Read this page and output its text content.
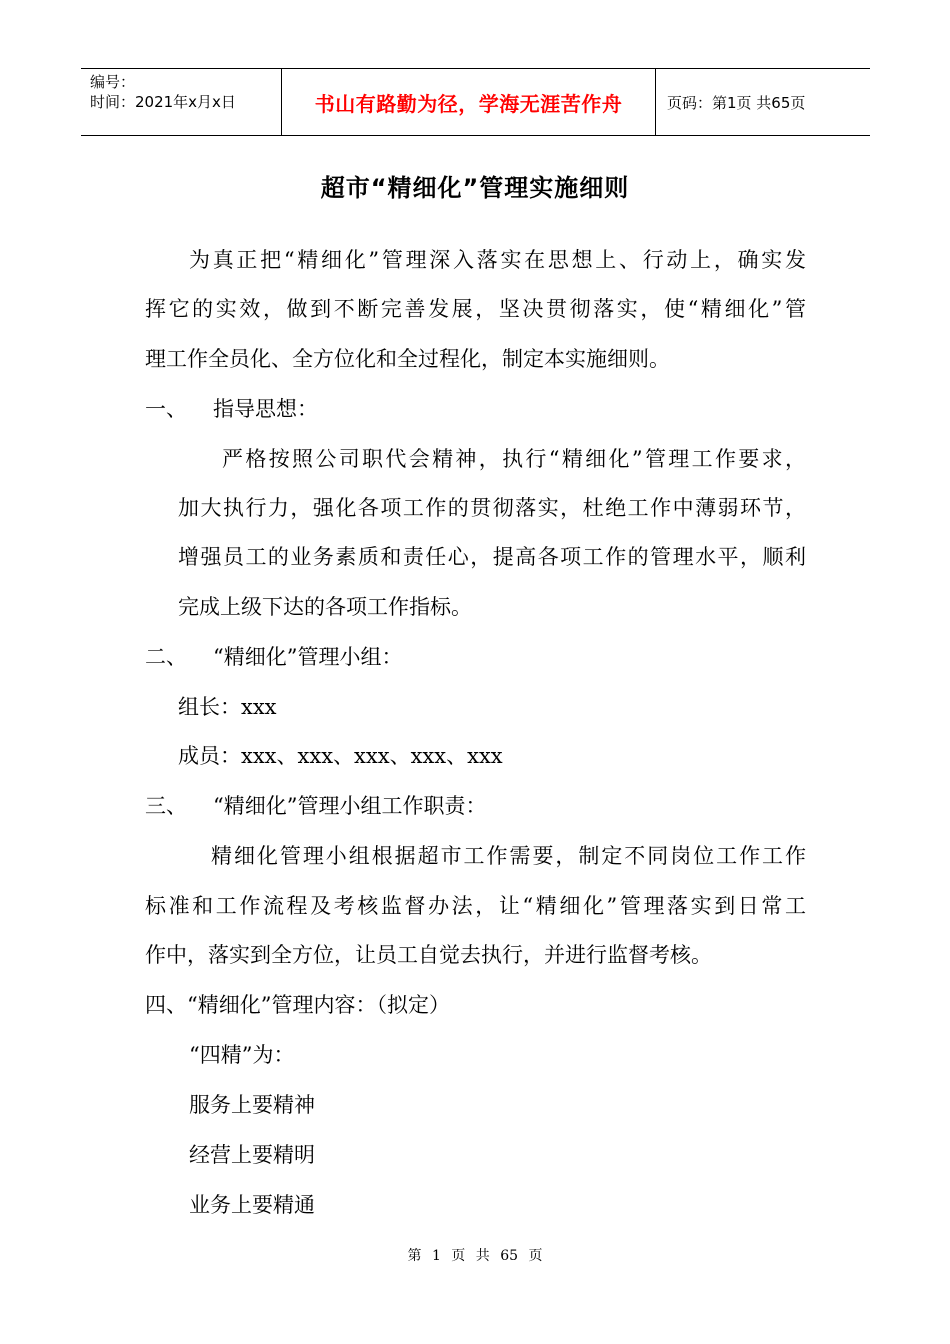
编号：
时间：2021年x月x日	书山有路勤为径，学海无涯苦作舟	页码：第1页 共65页
超市“精细化”管理实施细则
为真正把“精细化”管理深入落实在思想上、行动上，确实发
挥它的实效，做到不断完善发展，坚决贯彻落实，使“精细化”管
理工作全员化、全方位化和全过程化，制定本实施细则。
一、 指导思想：
严格按照公司职代会精神，执行“精细化”管理工作要求，
加大执行力，强化各项工作的贯彻落实，杜绝工作中薄弱环节，
增强员工的业务素质和责任心，提高各项工作的管理水平，顺利
完成上级下达的各项工作指标。
二、 “精细化”管理小组：
组长：xxx
成员：xxx、xxx、xxx、xxx、xxx
三、 “精细化”管理小组工作职责：
精细化管理小组根据超市工作需要，制定不同岗位工作工作
标准和工作流程及考核监督办法，让“精细化”管理落实到日常工
作中，落实到全方位，让员工自觉去执行，并进行监督考核。
四、“精细化”管理内容：（拟定）
“四精”为：
服务上要精神
经营上要精明
业务上要精通
第 1 页 共 65 页
